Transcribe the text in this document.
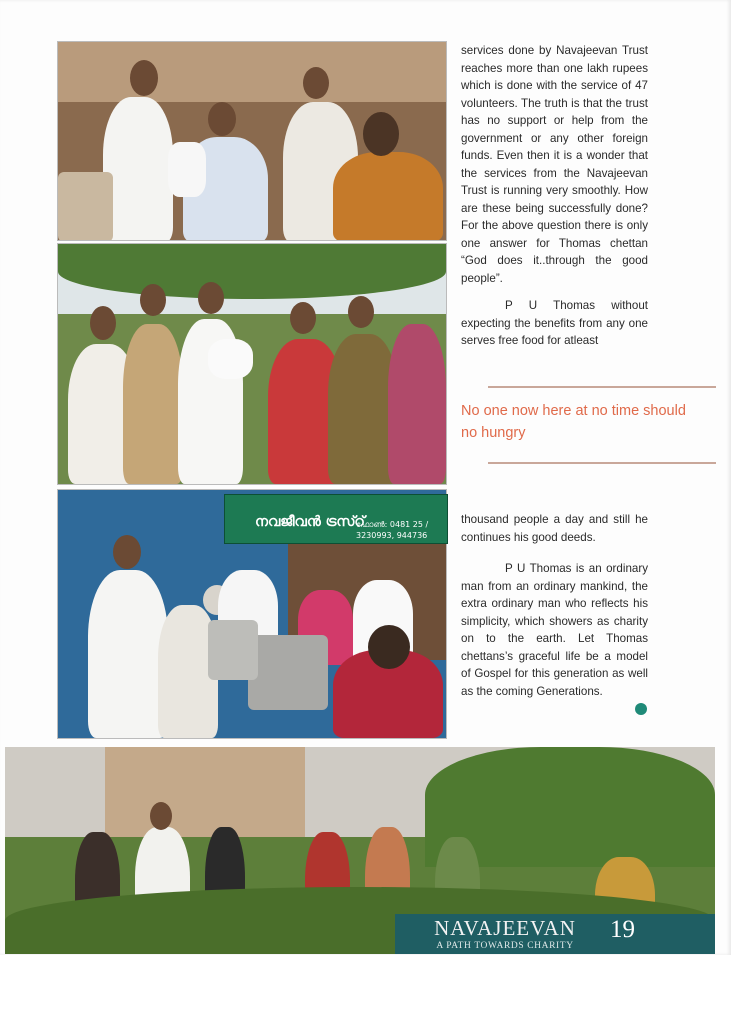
നവജീവൻ ട്രസ്റ്
ഫോൺ: 0481 25 / 3230993, 944736

services done by Navajeevan Trust reaches more than one lakh rupees which is done with the service of 47 volunteers. The truth is that the trust has no support or help from the government or any other foreign funds. Even then it is a wonder that the services from the Navajeevan Trust is running very smoothly. How are these being successfully done? For the above question there is only one answer for Thomas chettan “God does it..through the good people”.

P U Thomas without expecting the benefits from any one serves free food for atleast

No one now here at no time should no hungry

thousand people a day and still he continues his good deeds.

P U Thomas is an ordinary man from an ordinary mankind, the extra ordinary man who reflects his simplicity, which showers as charity on to the earth. Let Thomas chettans’s graceful life be a model of Gospel for this generation as well as the coming Generations.

NAVAJEEVAN
A PATH TOWARDS CHARITY
19
